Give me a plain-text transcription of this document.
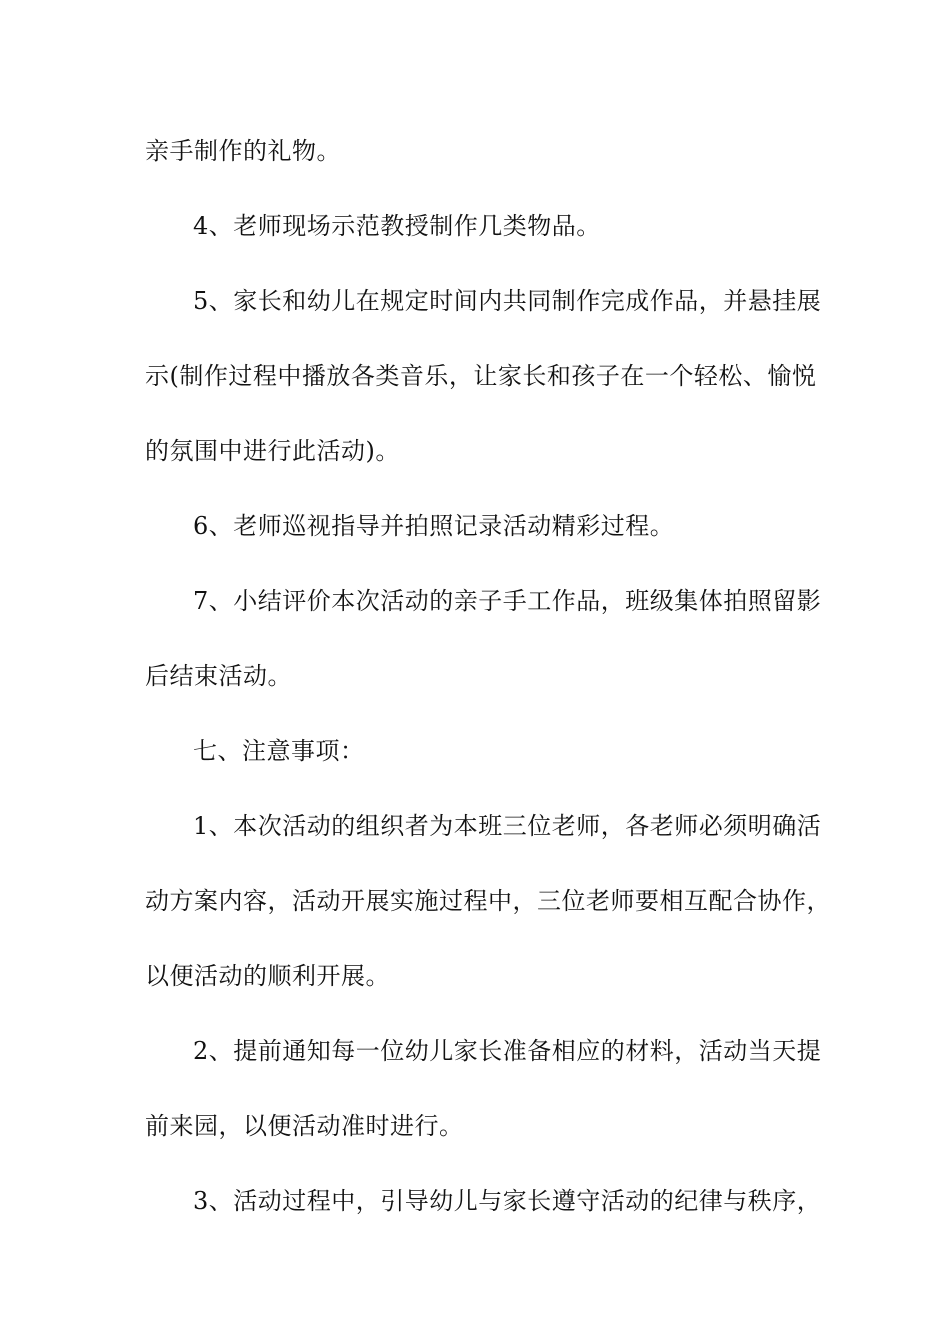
亲手制作的礼物。
4、老师现场示范教授制作几类物品。
5、家长和幼儿在规定时间内共同制作完成作品，并悬挂展
示(制作过程中播放各类音乐，让家长和孩子在一个轻松、愉悦
的氛围中进行此活动)。
6、老师巡视指导并拍照记录活动精彩过程。
7、小结评价本次活动的亲子手工作品，班级集体拍照留影
后结束活动。
七、注意事项：
1、本次活动的组织者为本班三位老师，各老师必须明确活
动方案内容，活动开展实施过程中，三位老师要相互配合协作，
以便活动的顺利开展。
2、提前通知每一位幼儿家长准备相应的材料，活动当天提
前来园，以便活动准时进行。
3、活动过程中，引导幼儿与家长遵守活动的纪律与秩序，
